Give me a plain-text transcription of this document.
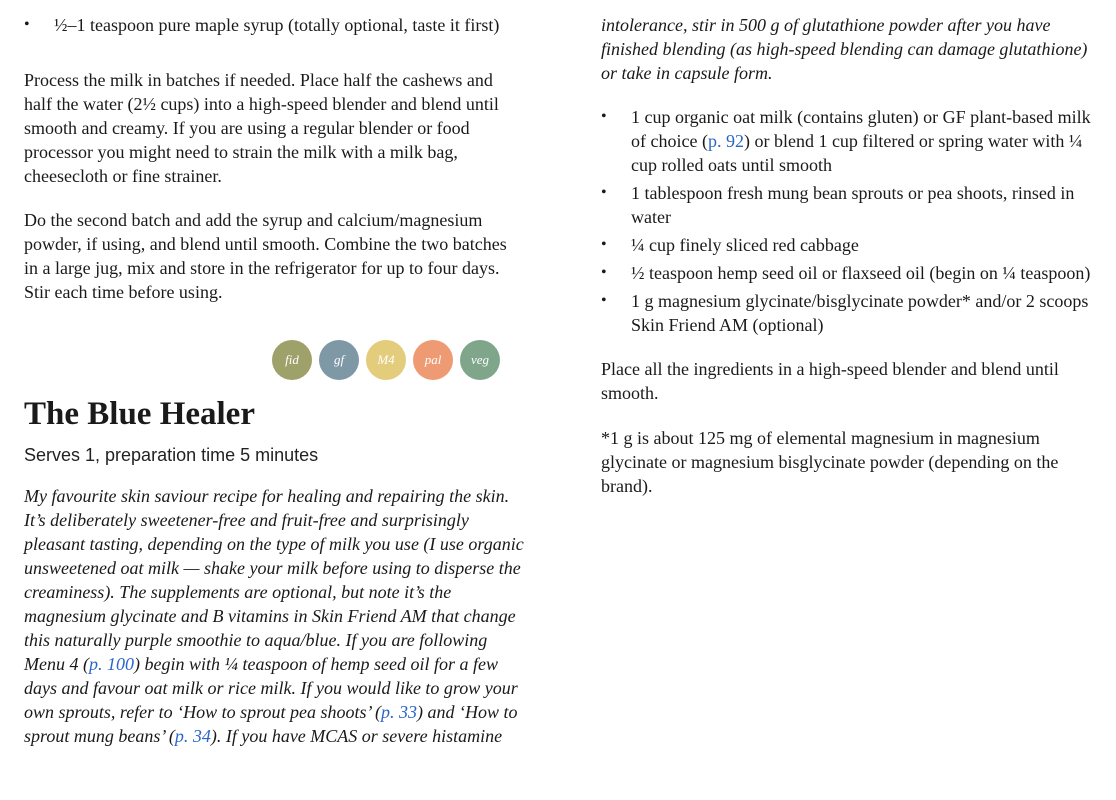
• ½–1 teaspoon pure maple syrup (totally optional, taste it first)

Process the milk in batches if needed. Place half the cashews and half the water (2½ cups) into a high-speed blender and blend until smooth and creamy. If you are using a regular blender or food processor you might need to strain the milk with a milk bag, cheesecloth or fine strainer.

Do the second batch and add the syrup and calcium/magnesium powder, if using, and blend until smooth. Combine the two batches in a large jug, mix and store in the refrigerator for up to four days. Stir each time before using.

fid	gf	M4	pal	veg
The Blue Healer

Serves 1, preparation time 5 minutes

My favourite skin saviour recipe for healing and repairing the skin. It’s deliberately sweetener-free and fruit-free and surprisingly pleasant tasting, depending on the type of milk you use (I use organic unsweetened oat milk — shake your milk before using to disperse the creaminess). The supplements are optional, but note it’s the magnesium glycinate and B vitamins in Skin Friend AM that change this naturally purple smoothie to aqua/blue. If you are following Menu 4 (p. 100) begin with ¼ teaspoon of hemp seed oil for a few days and favour oat milk or rice milk. If you would like to grow your own sprouts, refer to ‘How to sprout pea shoots’ (p. 33) and ‘How to sprout mung beans’ (p. 34). If you have MCAS or severe histamine

intolerance, stir in 500 g of glutathione powder after you have finished blending (as high-speed blending can damage glutathione) or take in capsule form.

• 1 cup organic oat milk (contains gluten) or GF plant-based milk of choice (p. 92) or blend 1 cup filtered or spring water with ¼ cup rolled oats until smooth
• 1 tablespoon fresh mung bean sprouts or pea shoots, rinsed in water
• ¼ cup finely sliced red cabbage
• ½ teaspoon hemp seed oil or flaxseed oil (begin on ¼ teaspoon)
• 1 g magnesium glycinate/bisglycinate powder* and/or 2 scoops Skin Friend AM (optional)

Place all the ingredients in a high-speed blender and blend until smooth.

*1 g is about 125 mg of elemental magnesium in magnesium glycinate or magnesium bisglycinate powder (depending on the brand).
